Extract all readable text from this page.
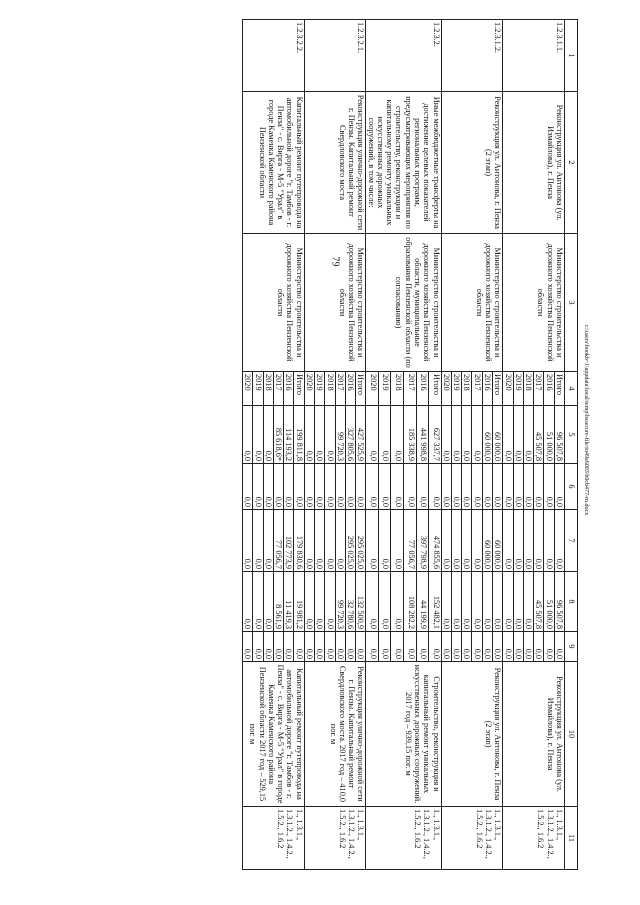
79
1	2	3	4	5	6	7	8	9	10	11
1.2.3.1.1.	Реконструкция ул. Антонова (ул. Измайлова), г. Пенза	Министерство строительства и дорожного хозяйства Пензенской области	Итого	96 507,8	0,0	0,0	96 507,8	0,0	Реконструкция ул. Антонова (ул. Измайлова), г. Пенза	1., 1.3.1., 1.3.1.2., 1.4.2., 1.5.2., 1.6.2
			2016	51 000,0	0,0	0,0	51 000,0	0,0		
			2017	45 507,8	0,0	0,0	45 507,8	0,0		
			2018	0,0	0,0	0,0	0,0	0,0		
			2019	0,0	0,0	0,0	0,0	0,0		
			2020	0,0	0,0	0,0	0,0	0,0		
1.2.3.1.2.	Реконструкция ул. Антонова, г. Пенза (2 этап)	Министерство строительства и дорожного хозяйства Пензенской области	Итого	60 000,0	0,0	60 000,0	0,0	0,0	Реконструкция ул. Антонова, г. Пенза (2 этап)	1., 1.3.1., 1.3.1.2., 1.4.2., 1.5.2., 1.6.2
			2016	60 000,0	0,0	60 000,0	0,0	0,0		
			2017	0,0	0,0	0,0	0,0	0,0		
			2018	0,0	0,0	0,0	0,0	0,0		
			2019	0,0	0,0	0,0	0,0	0,0		
			2020	0,0	0,0	0,0	0,0	0,0		
1.2.3.2.	Иные межбюджетные трансферты на достижение целевых показателей региональных программ, предусматривающих мероприятия по строительству, реконструкции и капитальному ремонту уникальных искусственных дорожных сооружений, в том числе:	Министерство строительства и дорожного хозяйства Пензенской области, муниципальные образования Пензенской области (по согласованию)	Итого	627 337,7	0,0	474 855,6	152 482,1	0,0	Строительство, реконструкция и капитальный ремонт уникальных искусственных дорожных сооружений. 2017 год – 939,15 пог. м	1., 1.3.1., 1.3.1.2., 1.4.2., 1.5.2., 1.6.2
			2016	441 998,8	0,0	397 798,9	44 199,9	0,0		
			2017	185 338,9	0,0	77 056,7	108 282,2	0,0		
			2018	0,0	0,0	0,0	0,0	0,0		
			2019	0,0	0,0	0,0	0,0	0,0		
			2020	0,0	0,0	0,0	0,0	0,0		
1.2.3.2.1.	Реконструкция улично-дорожной сети г. Пензы. Капитальный ремонт Свердловского моста	Министерство строительства и дорожного хозяйства Пензенской области	Итого	427 525,9	0,0	295 025,0	132 500,9	0,0	Реконструкция улично-дорожной сети г. Пензы. Капитальный ремонт Свердловского моста. 2017 год – 410,0 пог. м	1., 1.3.1., 1.3.1.2., 1.4.2., 1.5.2., 1.6.2
			2016	327 805,6	0,0	295 025,0	32 780,6	0,0		
			2017	99 720,3	0,0	0,0	99 720,3	0,0		
			2018	0,0	0,0	0,0	0,0	0,0		
			2019	0,0	0,0	0,0	0,0	0,0		
			2020	0,0	0,0	0,0	0,0	0,0		
1.2.3.2.2.	Капитальный ремонт путепровода на автомобильной дороге "г. Тамбов - г. Пенза" - с. Вирга - М-5 "Урал" в городе Каменка Каменского района Пензенской области	Министерство строительства и дорожного хозяйства Пензенской области	Итого	199 811,8	0,0	179 830,6	19 981,2	0,0	Капитальный ремонт путепровода на автомобильной дороге "г. Тамбов - г. Пенза" - с. Вирга - М-5 "Урал" в городе Каменка Каменского района Пензенской области 2017 год – 529,15 пог. м	1., 1.3.1., 1.3.1.2., 1.4.2., 1.5.2., 1.6.2
			2016	114 193,2	0,0	102 773,9	11 419,3	0,0		
			2017	85 618,6*	0,0	77 056,7	8 561,9	0,0		
			2018	0,0	0,0	0,0	0,0	0,0		
			2019	0,0	0,0	0,0	0,0	0,0		
			2020	0,0	0,0	0,0	0,0	0,0		
c:\users\bookb~1\appdata\local\temp\bssecure-file\to49a6003\b0cb477-rn.docx
